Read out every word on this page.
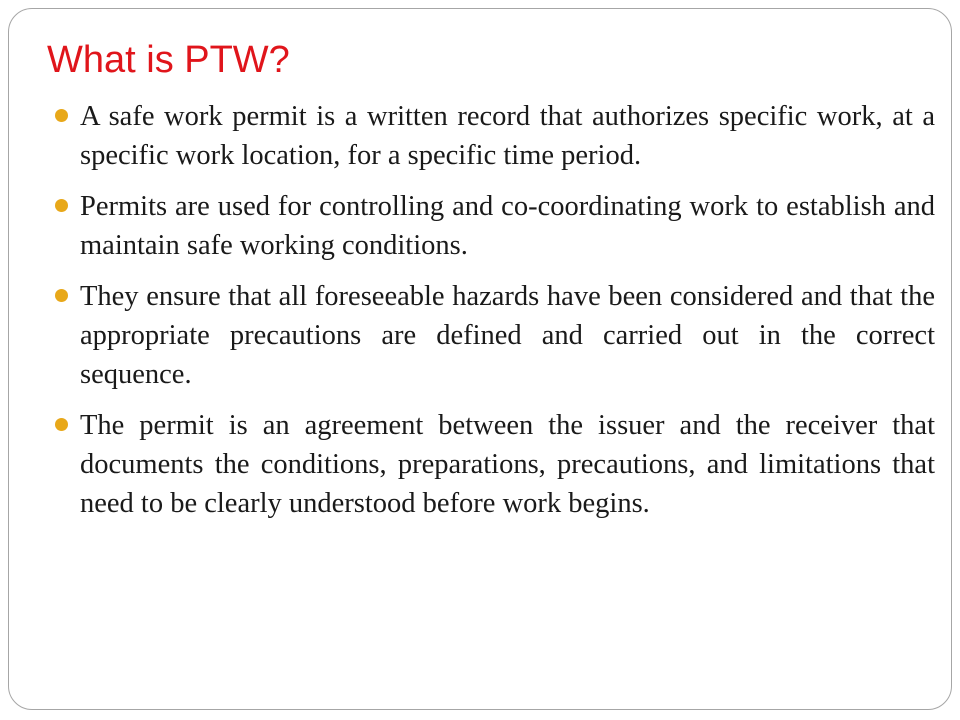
What is PTW?
A safe work permit is a written record that authorizes specific work, at a specific work location, for a specific time period.
Permits are used for controlling and co-coordinating work to establish and maintain safe working conditions.
They ensure that all foreseeable hazards have been considered and that the appropriate precautions are defined and carried out in the correct sequence.
The permit is an agreement between the issuer and the receiver that documents the conditions, preparations, precautions, and limitations that need to be clearly understood before work begins.
